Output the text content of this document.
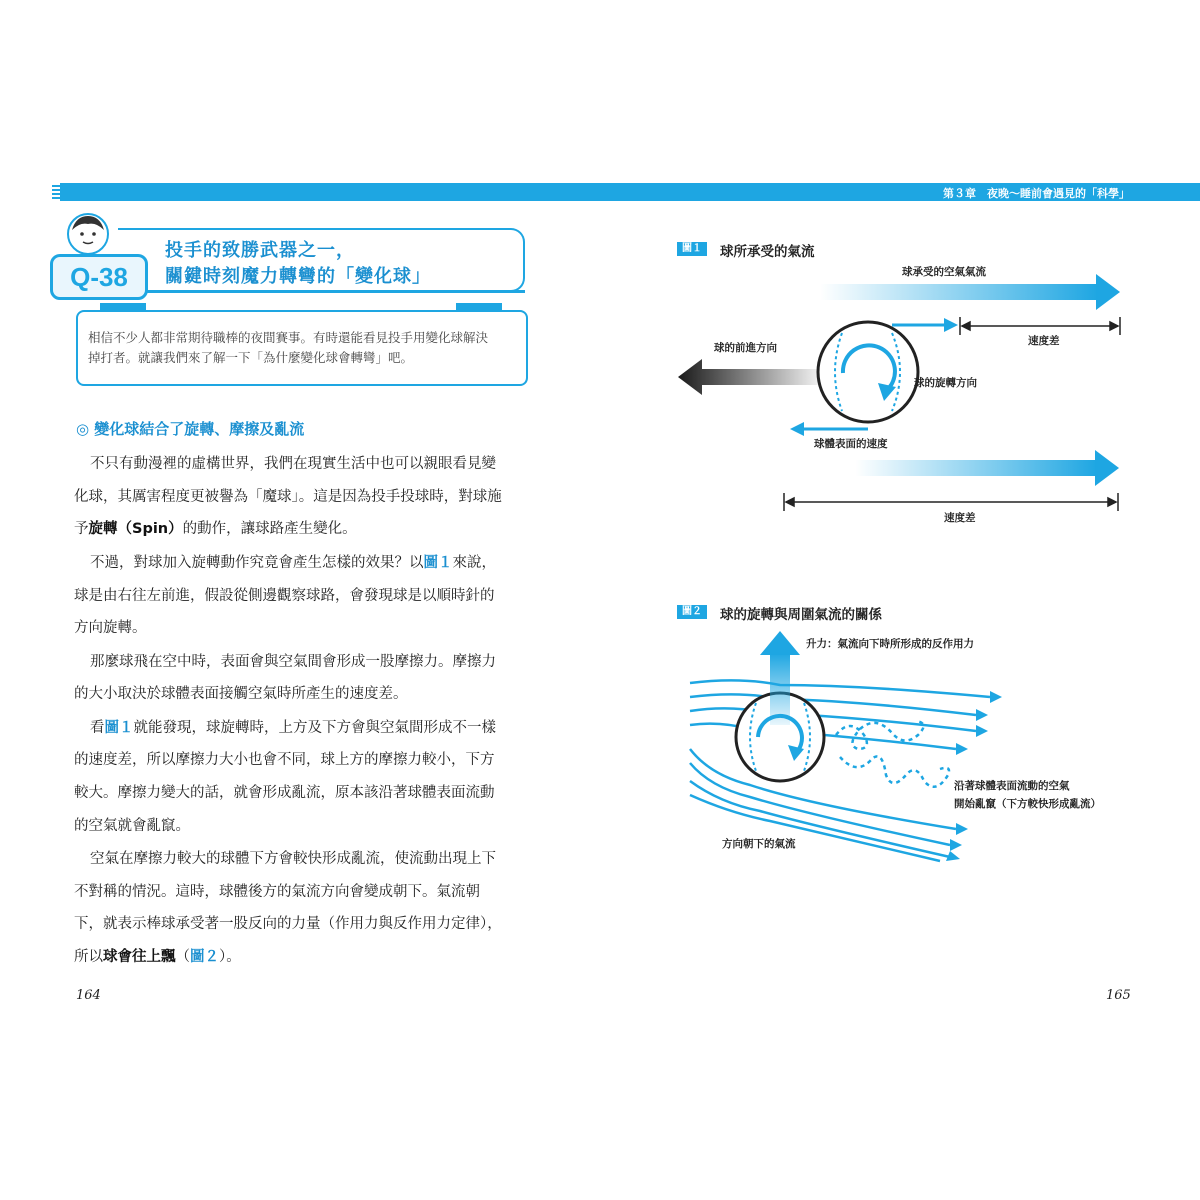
第３章　夜晚～睡前會遇見的「科學」
投手的致勝武器之一，
關鍵時刻魔力轉彎的「變化球」
Q-38
相信不少人都非常期待職棒的夜間賽事。有時還能看見投手用變化球解決
掉打者。就讓我們來了解一下「為什麼變化球會轉彎」吧。
◎ 變化球結合了旋轉、摩擦及亂流
不只有動漫裡的虛構世界，我們在現實生活中也可以親眼看見變
化球，其厲害程度更被譽為「魔球」。這是因為投手投球時，對球施
予旋轉（Spin）的動作，讓球路產生變化。
不過，對球加入旋轉動作究竟會產生怎樣的效果？以圖１來說，
球是由右往左前進，假設從側邊觀察球路，會發現球是以順時針的
方向旋轉。
那麼球飛在空中時，表面會與空氣間會形成一股摩擦力。摩擦力
的大小取決於球體表面接觸空氣時所產生的速度差。
看圖１就能發現，球旋轉時，上方及下方會與空氣間形成不一樣
的速度差，所以摩擦力大小也會不同，球上方的摩擦力較小，下方
較大。摩擦力變大的話，就會形成亂流，原本該沿著球體表面流動
的空氣就會亂竄。
空氣在摩擦力較大的球體下方會較快形成亂流，使流動出現上下
不對稱的情況。這時，球體後方的氣流方向會變成朝下。氣流朝
下，就表示棒球承受著一股反向的力量（作用力與反作用力定律），
所以球會往上飄（圖２）。
164	165
圖１	球所承受的氣流
球承受的空氣氣流
球的前進方向
速度差
球的旋轉方向
球體表面的速度
速度差
圖２	球的旋轉與周圍氣流的關係
升力：氣流向下時所形成的反作用力
沿著球體表面流動的空氣
開始亂竄（下方較快形成亂流）
方向朝下的氣流
